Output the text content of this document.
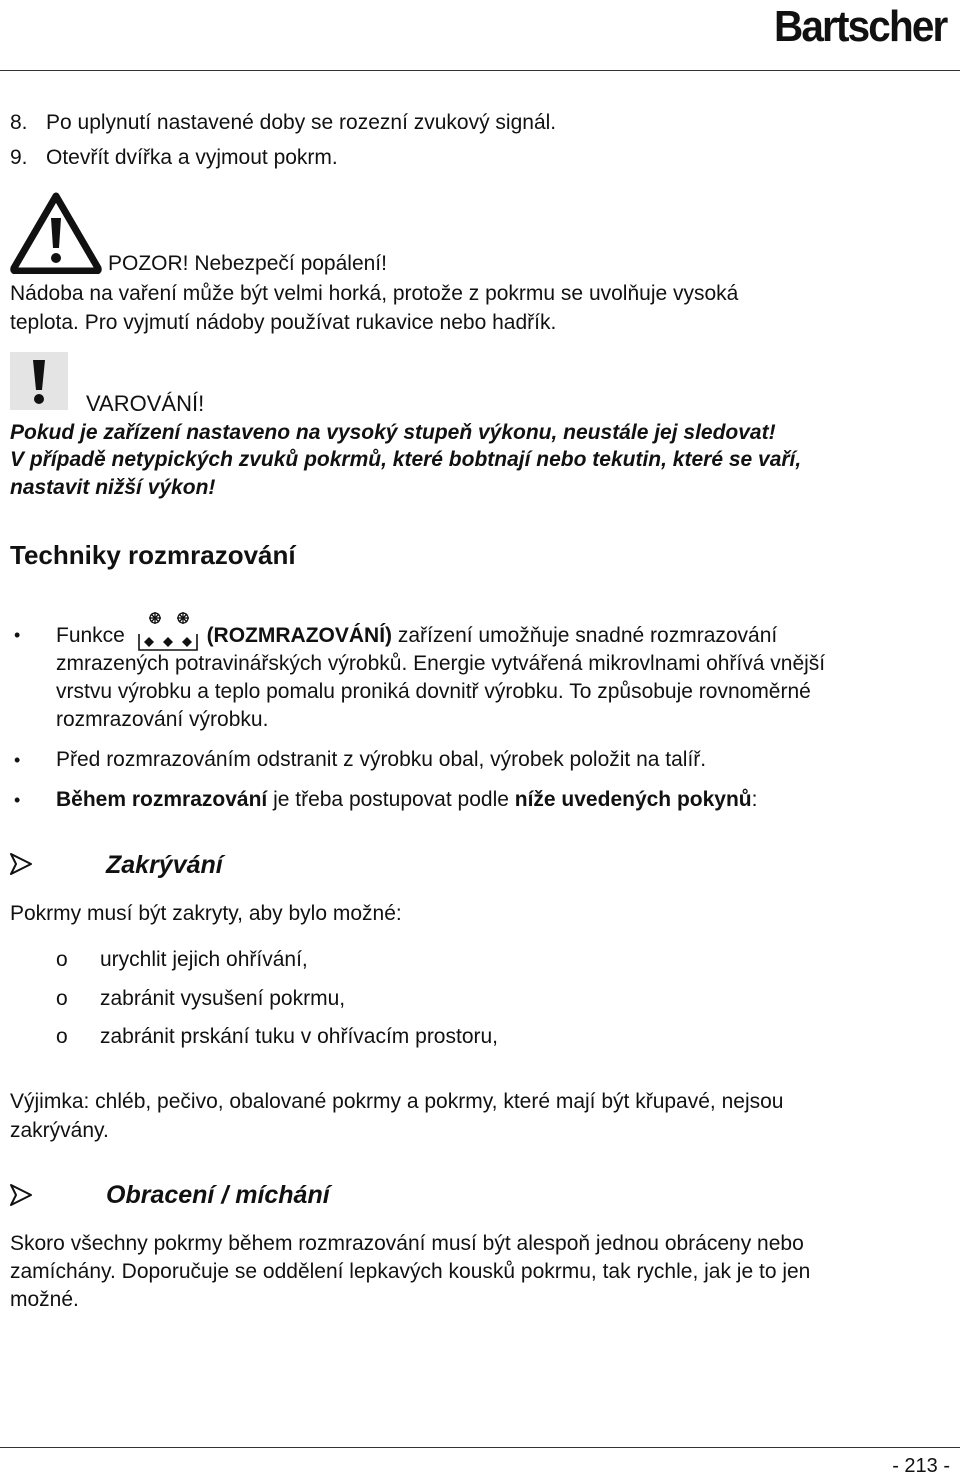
Bartscher
8. Po uplynutí nastavené doby se rozezní zvukový signál.
9. Otevřít dvířka a vyjmout pokrm.
POZOR! Nebezpečí popálení!
Nádoba na vaření může být velmi horká, protože z pokrmu se uvolňuje vysoká
teplota. Pro vyjmutí nádoby používat rukavice nebo hadřík.
VAROVÁNÍ!
Pokud je zařízení nastaveno na vysoký stupeň výkonu, neustále jej sledovat!
V případě netypických zvuků pokrmů, které bobtnají nebo tekutin, které se vaří,
nastavit nižší výkon!
Techniky rozmrazování
• Funkce	(ROZMRAZOVÁNÍ) zařízení umožňuje snadné rozmrazování
zmrazených potravinářských výrobků. Energie vytvářená mikrovlnami ohřívá vnější
vrstvu výrobku a teplo pomalu proniká dovnitř výrobku. To způsobuje rovnoměrné
rozmrazování výrobku.
• Před rozmrazováním odstranit z výrobku obal, výrobek položit na talíř.
• Během rozmrazování je třeba postupovat podle níže uvedených pokynů:
Zakrývání
Pokrmy musí být zakryty, aby bylo možné:
o urychlit jejich ohřívání,
o zabránit vysušení pokrmu,
o zabránit prskání tuku v ohřívacím prostoru,
Výjimka: chléb, pečivo, obalované pokrmy a pokrmy, které mají být křupavé, nejsou
zakrývány.
Obracení / míchání
Skoro všechny pokrmy během rozmrazování musí být alespoň jednou obráceny nebo
zamíchány. Doporučuje se oddělení lepkavých kousků pokrmu, tak rychle, jak je to jen
možné.
- 213 -
